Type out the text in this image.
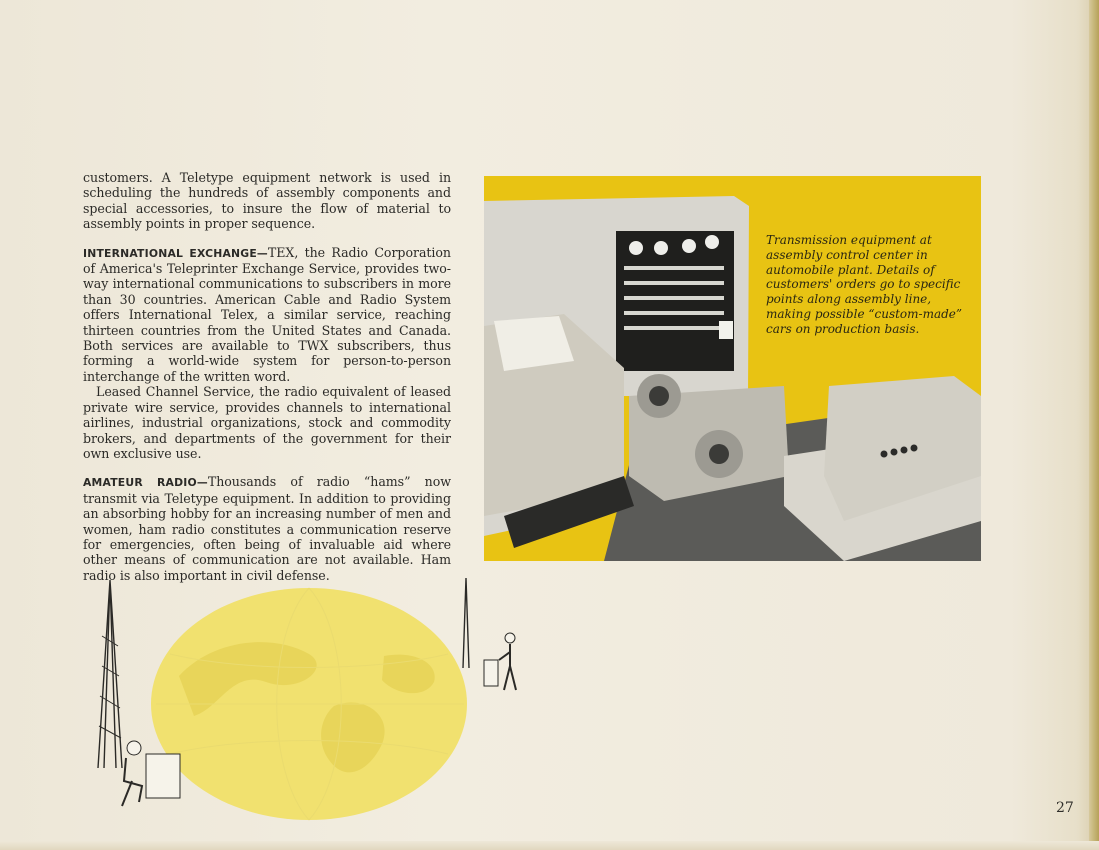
customers. A Teletype equipment network is used in scheduling the hundreds of assembly components and special accessories, to insure the flow of material to assembly points in proper sequence.

INTERNATIONAL EXCHANGE—TEX, the Radio Corporation of America's Teleprinter Exchange Service, provides two-way international communications to subscribers in more than 30 countries. American Cable and Radio System offers International Telex, a similar service, reaching thirteen countries from the United States and Canada. Both services are available to TWX subscribers, thus forming a world-wide system for person-to-person interchange of the written word.

Leased Channel Service, the radio equivalent of leased private wire service, provides channels to international airlines, industrial organizations, stock and commodity brokers, and departments of the government for their own exclusive use.

AMATEUR RADIO—Thousands of radio “hams” now transmit via Teletype equipment. In addition to providing an absorbing hobby for an increasing number of men and women, ham radio constitutes a communication reserve for emergencies, often being of invaluable aid where other means of communication are not available. Ham radio is also important in civil defense.

Transmission equipment at assembly control center in automobile plant. Details of customers' orders go to specific points along assembly line, making possible “custom-made” cars on production basis.
27
